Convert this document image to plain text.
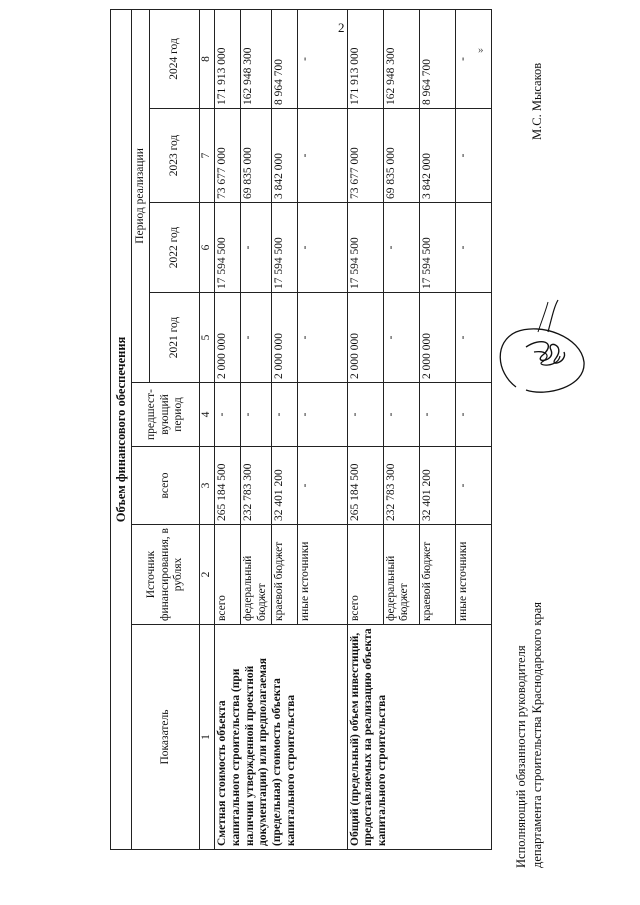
2
»
Объем финансового обеспечения							
Показатель	Источник финансирования, в рублях	всего	предшест-вующий период	Период реализации			
				2021 год	2022 год	2023 год	2024 год
1	2	3	4	5	6	7	8
Сметная стоимость объекта капитального строительства (при наличии утвержденной проектной документации) или предполагаемая (предельная) стоимость объекта капитального строительства	всего	265 184 500	-	2 000 000	17 594 500	73 677 000	171 913 000
	федеральный бюджет	232 783 300	-	-	-	69 835 000	162 948 300
	краевой бюджет	32 401 200	-	2 000 000	17 594 500	3 842 000	8 964 700
	иные источники	-	-	-	-	-	-
Общий (предельный) объем инвестиций, предоставляемых на реализацию объекта капитального строительства	всего	265 184 500	-	2 000 000	17 594 500	73 677 000	171 913 000
	федеральный бюджет	232 783 300	-	-	-	69 835 000	162 948 300
	краевой бюджет	32 401 200	-	2 000 000	17 594 500	3 842 000	8 964 700
	иные источники	-	-	-	-	-	-
Исполняющий обязанности руководителя департамента строительства Краснодарского края
М.С. Мысаков
